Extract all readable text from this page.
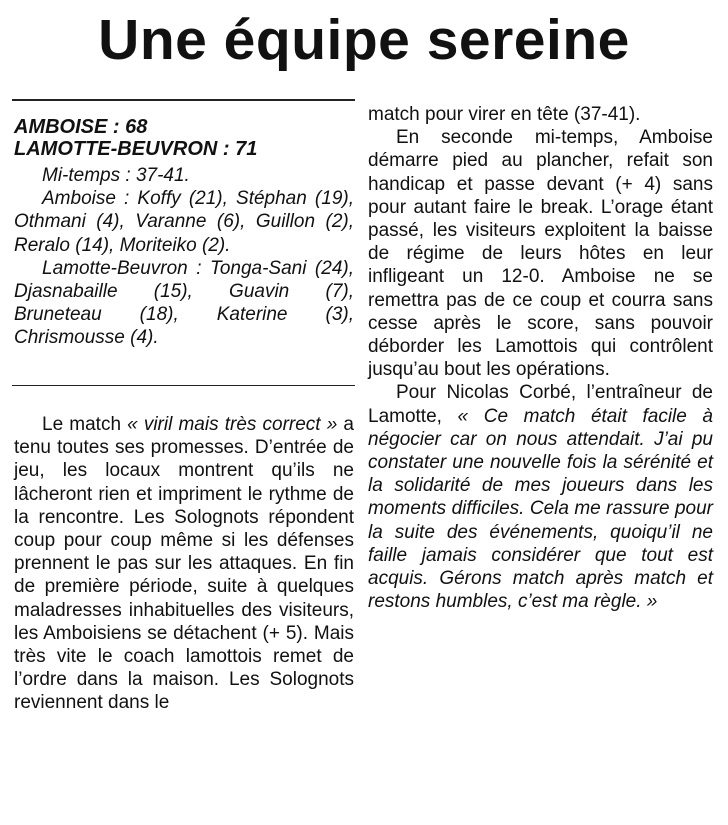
Une équipe sereine

AMBOISE : 68

LAMOTTE-BEUVRON : 71

Mi-temps : 37-41.

Amboise : Koffy (21), Stéphan (19), Othmani (4), Varanne (6), Guillon (2), Reralo (14), Moriteiko (2).

Lamotte-Beuvron : Tonga-Sani (24), Djasnabaille (15), Guavin (7), Bruneteau (18), Katerine (3), Chrismousse (4).

Le match « viril mais très correct » a tenu toutes ses promesses. D’entrée de jeu, les locaux montrent qu’ils ne lâcheront rien et impriment le rythme de la rencontre. Les Solognots répondent coup pour coup même si les défenses prennent le pas sur les attaques. En fin de première période, suite à quelques maladresses inhabituelles des visiteurs, les Amboisiens se détachent (+ 5). Mais très vite le coach lamottois remet de l’ordre dans la maison. Les Solognots reviennent dans le

match pour virer en tête (37-41).

En seconde mi-temps, Amboise démarre pied au plancher, refait son handicap et passe devant (+ 4) sans pour autant faire le break. L’orage étant passé, les visiteurs exploitent la baisse de régime de leurs hôtes en leur infligeant un 12-0. Amboise ne se remettra pas de ce coup et courra sans cesse après le score, sans pouvoir déborder les Lamottois qui contrôlent jusqu’au bout les opérations.

Pour Nicolas Corbé, l’entraîneur de Lamotte, « Ce match était facile à négocier car on nous attendait. J’ai pu constater une nouvelle fois la sérénité et la solidarité de mes joueurs dans les moments difficiles. Cela me rassure pour la suite des événements, quoiqu’il ne faille jamais considérer que tout est acquis. Gérons match après match et restons humbles, c’est ma règle. »
